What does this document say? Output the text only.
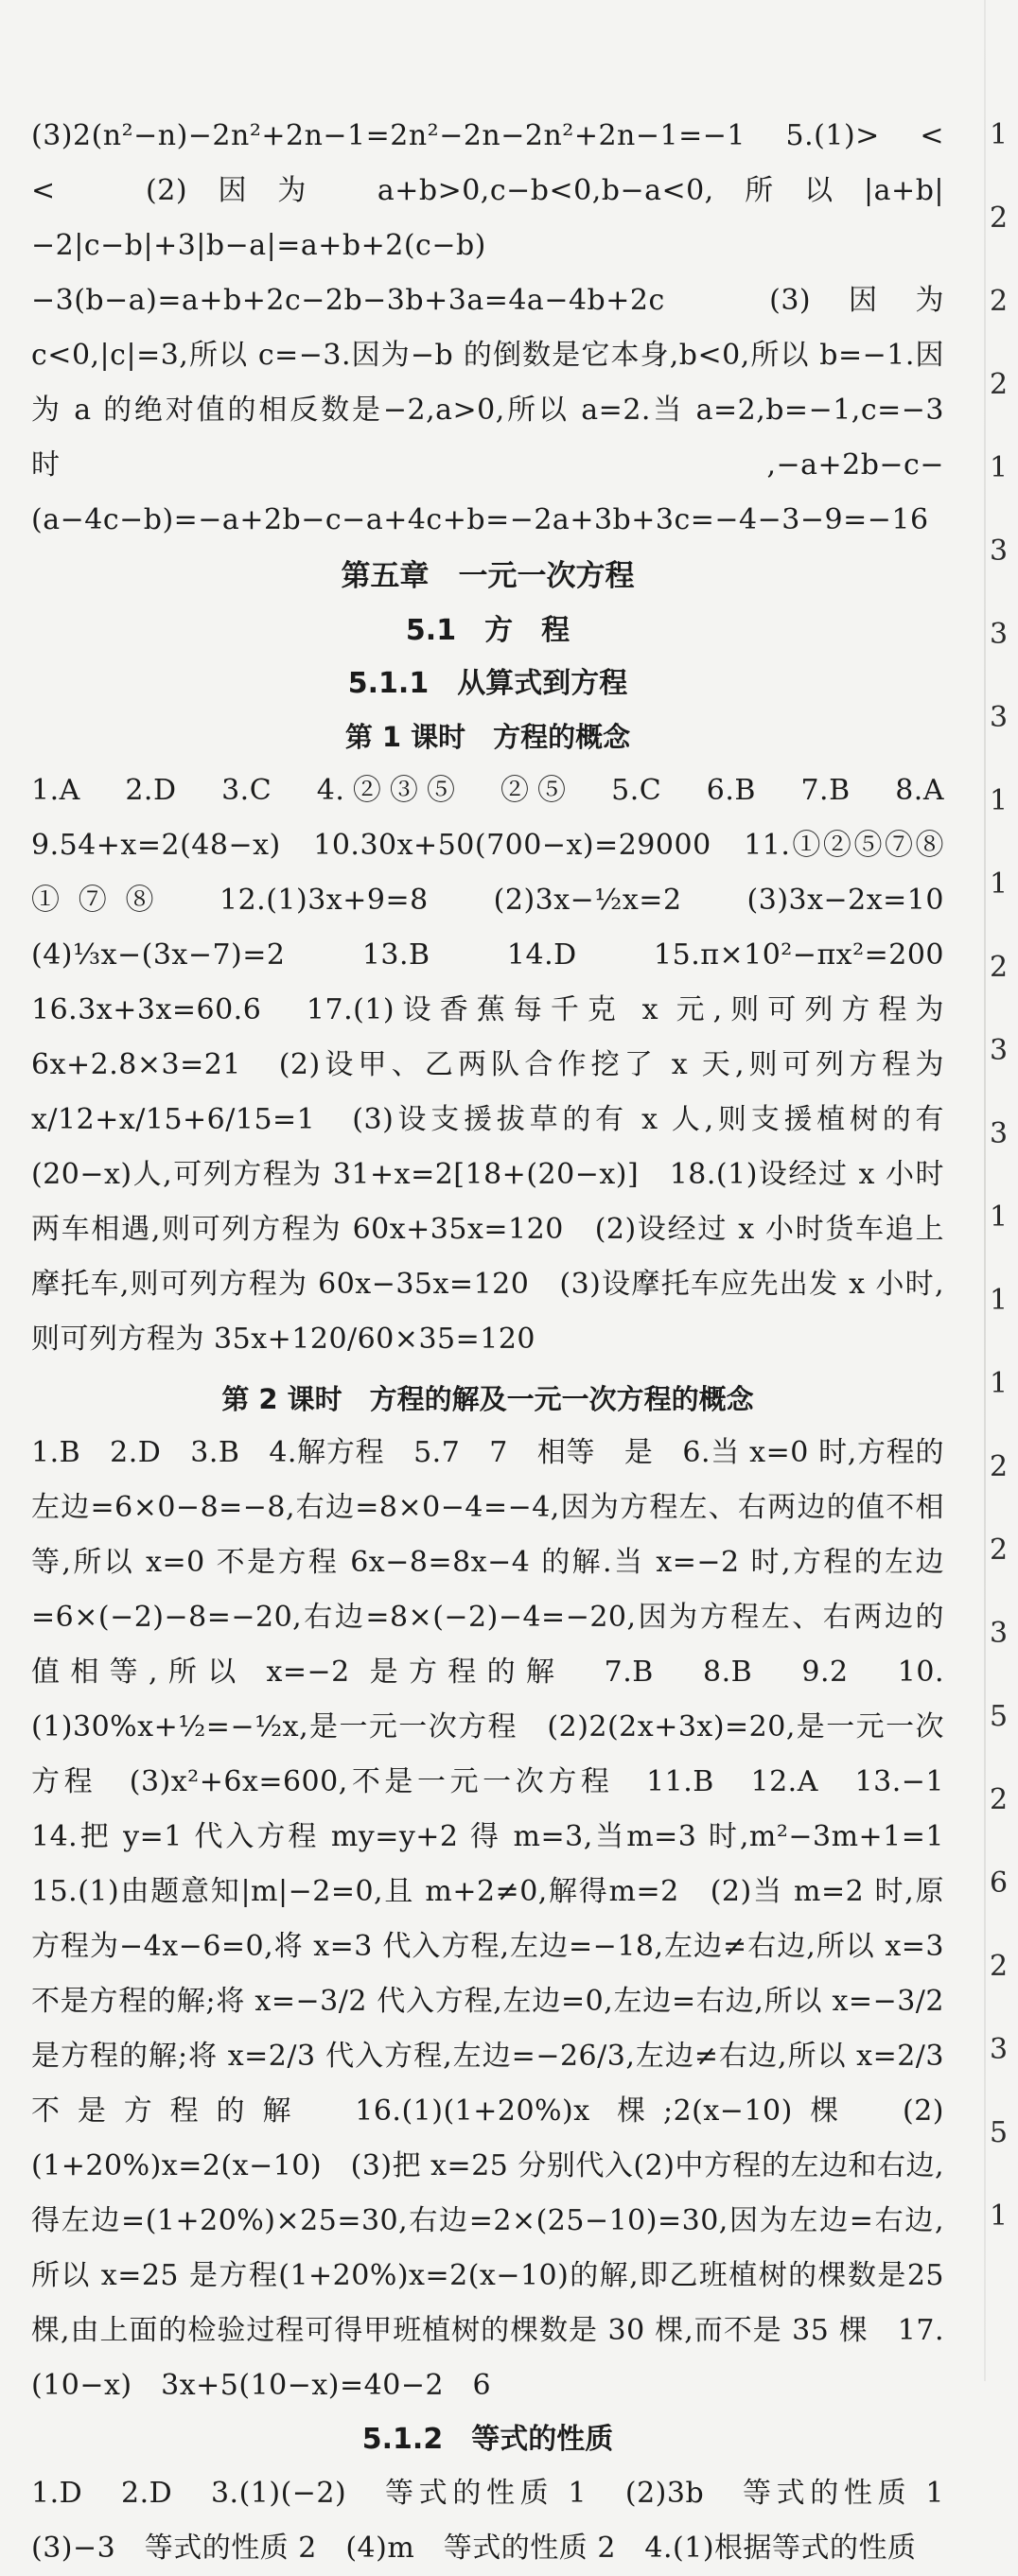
(3)2(n²−n)−2n²+2n−1=2n²−2n−2n²+2n−1=−1　5.(1)>　<　<　(2)因为 a+b>0,c−b<0,b−a<0,所以|a+b|−2|c−b|+3|b−a|=a+b+2(c−b)−3(b−a)=a+b+2c−2b−3b+3a=4a−4b+2c　(3)因为 c<0,|c|=3,所以 c=−3.因为−b 的倒数是它本身,b<0,所以 b=−1.因为 a 的绝对值的相反数是−2,a>0,所以 a=2.当 a=2,b=−1,c=−3 时,−a+2b−c−(a−4c−b)=−a+2b−c−a+4c+b=−2a+3b+3c=−4−3−9=−16

第五章　一元一次方程
5.1　方　程
5.1.1　从算式到方程
第 1 课时　方程的概念

1.A　2.D　3.C　4.②③⑤　②⑤　5.C　6.B　7.B　8.A　9.54+x=2(48−x)　10.30x+50(700−x)=29000　11.①②⑤⑦⑧　①⑦⑧　12.(1)3x+9=8　(2)3x−½x=2　(3)3x−2x=10　(4)⅓x−(3x−7)=2　13.B　14.D　15.π×10²−πx²=200　16.3x+3x=60.6　17.(1)设香蕉每千克 x 元,则可列方程为 6x+2.8×3=21　(2)设甲、乙两队合作挖了 x 天,则可列方程为 x/12+x/15+6/15=1　(3)设支援拔草的有 x 人,则支援植树的有(20−x)人,可列方程为 31+x=2[18+(20−x)]　18.(1)设经过 x 小时两车相遇,则可列方程为 60x+35x=120　(2)设经过 x 小时货车追上摩托车,则可列方程为 60x−35x=120　(3)设摩托车应先出发 x 小时,则可列方程为 35x+120/60×35=120

第 2 课时　方程的解及一元一次方程的概念

1.B　2.D　3.B　4.解方程　5.7　7　相等　是　6.当 x=0 时,方程的左边=6×0−8=−8,右边=8×0−4=−4,因为方程左、右两边的值不相等,所以 x=0 不是方程 6x−8=8x−4 的解.当 x=−2 时,方程的左边=6×(−2)−8=−20,右边=8×(−2)−4=−20,因为方程左、右两边的值相等,所以 x=−2 是方程的解　7.B　8.B　9.2　10.(1)30%x+½=−½x,是一元一次方程　(2)2(2x+3x)=20,是一元一次方程　(3)x²+6x=600,不是一元一次方程　11.B　12.A　13.−1　14.把 y=1 代入方程 my=y+2 得 m=3,当m=3 时,m²−3m+1=1　15.(1)由题意知|m|−2=0,且 m+2≠0,解得m=2　(2)当 m=2 时,原方程为−4x−6=0,将 x=3 代入方程,左边=−18,左边≠右边,所以 x=3 不是方程的解;将 x=−3/2 代入方程,左边=0,左边=右边,所以 x=−3/2 是方程的解;将 x=2/3 代入方程,左边=−26/3,左边≠右边,所以 x=2/3 不是方程的解　16.(1)(1+20%)x 棵;2(x−10)棵　(2)(1+20%)x=2(x−10)　(3)把 x=25 分别代入(2)中方程的左边和右边,得左边=(1+20%)×25=30,右边=2×(25−10)=30,因为左边=右边,所以 x=25 是方程(1+20%)x=2(x−10)的解,即乙班植树的棵数是25 棵,由上面的检验过程可得甲班植树的棵数是 30 棵,而不是 35 棵　17.(10−x)　3x+5(10−x)=40−2　6

5.1.2　等式的性质

1.D　2.D　3.(1)(−2)　等式的性质 1　(2)3b　等式的性质 1　(3)−3　等式的性质 2　(4)m　等式的性质 2　4.(1)根据等式的性质

1
2
2
2
1
3
3
3
1
1
2
3
3
1
1
1
2
2
3
5
2
6
2
3
5
1
